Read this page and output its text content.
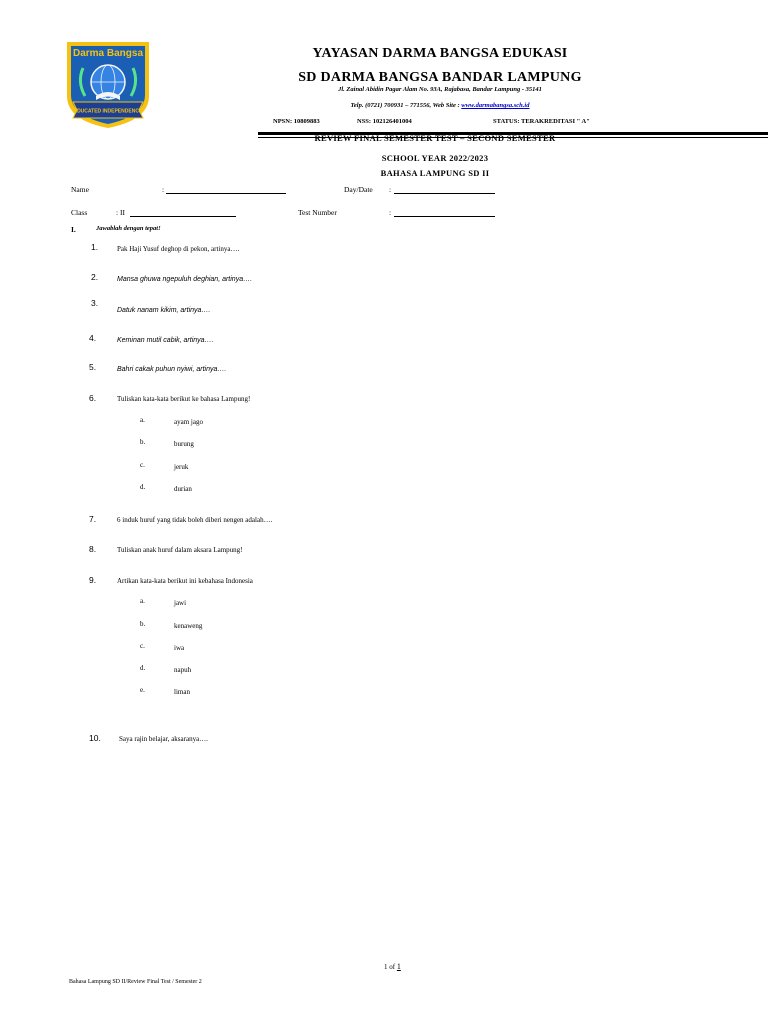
Darma Bangsa
EDUCATED INDEPENDENCE
YAYASAN DARMA BANGSA EDUKASI
SD DARMA BANGSA BANDAR LAMPUNG
Jl. Zainal Abidin Pagar Alam No. 93A, Rajabasa, Bandar Lampung - 35141
Telp. (0721) 700931 – 771556, Web Site : www.darmabangsa.sch.id
NPSN: 10809883	NSS: 102126401004	STATUS: TERAKREDITASI " A"
REVIEW FINAL SEMESTER TEST – SECOND SEMESTER
SCHOOL YEAR 2022/2023
BAHASA LAMPUNG SD II
Name	:	Day/Date :
Class	: II	Test Number	:
I.	Jawablah dengan tepat!
1.	Pak Haji Yusuf deghop di pekon, artinya….
2.	Mansa ghuwa ngepuluh deghian, artinya….
3.
Datuk nanam kikim, artinya….
4.	Keminan mutil cabik, artinya….
5.	Bahri cakak puhun nyiwi, artinya….
6.	Tuliskan kata-kata berikut ke bahasa Lampung!
a.	ayam jago
b.	burung
c.	jeruk
d.	durian
7.	6 induk huruf yang tidak boleh diberi nengen adalah….
8.	Tuliskan anak huruf dalam aksara Lampung!
9.	Artikan kata-kata berikut ini kebahasa Indonesia
a.	jawi
b.	kenaweng
c.	iwa
d.	napuh
e.	liman
10.	Saya rajin belajar, aksaranya….
1 of 1
Bahasa Lampung SD II/Review Final Test / Semester 2
